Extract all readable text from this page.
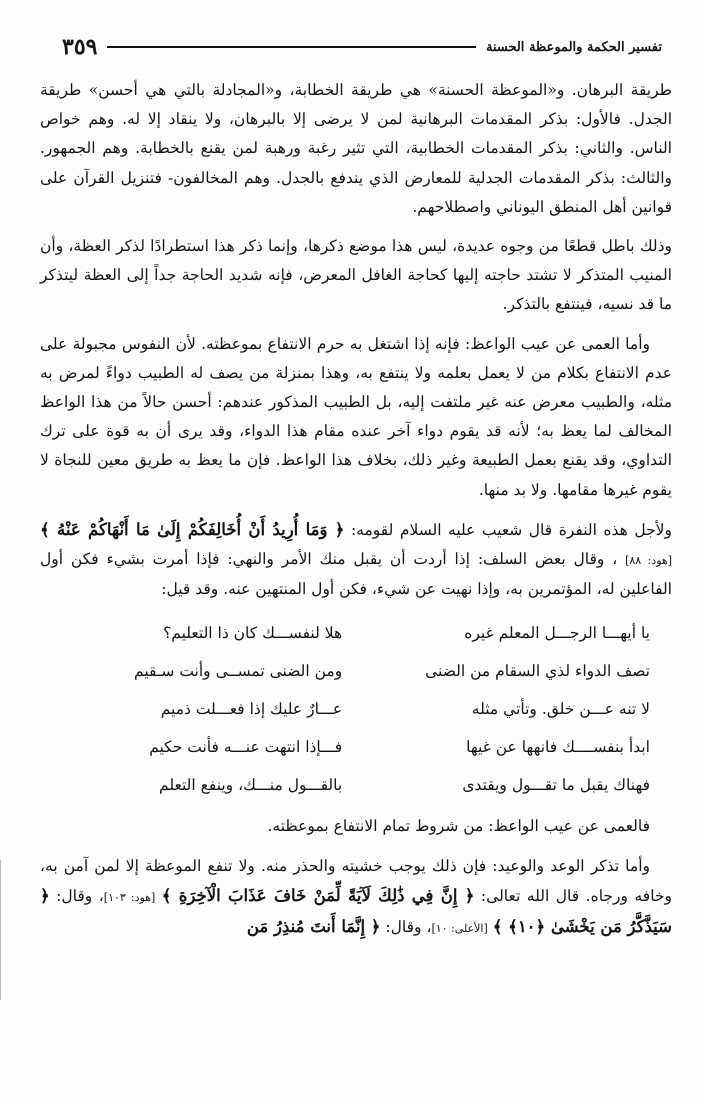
تفسير الحكمة والموعظة الحسنة
٣٥٩

طريقة البرهان. و«الموعظة الحسنة» هي طريقة الخطابة، و«المجادلة بالتي هي أحسن» طريقة الجدل. فالأول: بذكر المقدمات البرهانية لمن لا يرضى إلا بالبرهان، ولا ينقاد إلا له. وهم خواص الناس. والثاني: بذكر المقدمات الخطابية، التي تثير رغبة ورهبة لمن يقنع بالخطابة. وهم الجمهور. والثالث: بذكر المقدمات الجدلية للمعارض الذي يندفع بالجدل. وهم المخالفون- فتنزيل القرآن على قوانين أهل المنطق اليوناني واصطلاحهم.

وذلك باطل قطعًا من وجوه عديدة، ليس هذا موضع ذكرها، وإنما ذكر هذا استطرادًا لذكر العظة، وأن المنيب المتذكر لا تشتد حاجته إليها كحاجة الغافل المعرض، فإنه شديد الحاجة جداً إلى العظة ليتذكر ما قد نسيه، فينتفع بالتذكر.

وأما العمى عن عيب الواعظ: فإنه إذا اشتغل به حرم الانتفاع بموعظته. لأن النفوس مجبولة على عدم الانتفاع بكلام من لا يعمل بعلمه ولا ينتفع به، وهذا بمنزلة من يصف له الطبيب دواءً لمرض به مثله، والطبيب معرض عنه غير ملتفت إليه، بل الطبيب المذكور عندهم: أحسن حالاً من هذا الواعظ المخالف لما يعظ به؛ لأنه قد يقوم دواء آخر عنده مقام هذا الدواء، وقد يرى أن به قوة على ترك التداوي، وقد يقنع بعمل الطبيعة وغير ذلك، بخلاف هذا الواعظ. فإن ما يعظ به طريق معين للنجاة لا يقوم غيرها مقامها. ولا بد منها.

ولأجل هذه النفرة قال شعيب عليه السلام لقومه: ﴿ وَمَا أُرِيدُ أَنْ أُخَالِفَكُمْ إِلَىٰ مَا أَنْهَاكُمْ عَنْهُ ﴾ [هود: ٨٨] ، وقال بعض السلف: إذا أردت أن يقبل منك الأمر والنهي: فإذا أمرت بشيء فكن أول الفاعلين له، المؤتمرين به، وإذا نهيت عن شيء، فكن أول المنتهين عنه. وقد قيل:

يا أيهـــا الرجـــل المعلم غيره
هلا لنفســـك كان ذا التعليم؟
تصف الدواء لذي السقام من الضنى
ومن الضنى تمســى وأنت سـقيم
لا تنه عـــن خلق. وتأتي مثله
عـــارٌ عليك إذا فعـــلت ذميم
ابدأ بنفســــك فانهها عن غيها
فـــإذا انتهت عنـــه فأنت حكيم
فهناك يقبل ما تقـــول ويقتدى
بالقـــول منـــك، وينفع التعلم

فالعمى عن عيب الواعظ: من شروط تمام الانتفاع بموعظته.

وأما تذكر الوعد والوعيد: فإن ذلك يوجب خشيته والحذر منه. ولا تنفع الموعظة إلا لمن آمن به، وخافه ورجاه. قال الله تعالى: ﴿ إِنَّ فِي ذَٰلِكَ لَآيَةً لِّمَنْ خَافَ عَذَابَ الْآخِرَةِ ﴾ [هود: ١٠٣]، وقال: ﴿ سَيَذَّكَّرُ مَن يَخْشَىٰ ﴿١٠﴾ ﴾ [الأعلى: ١٠]، وقال: ﴿ إِنَّمَا أَنتَ مُنذِرُ مَن
